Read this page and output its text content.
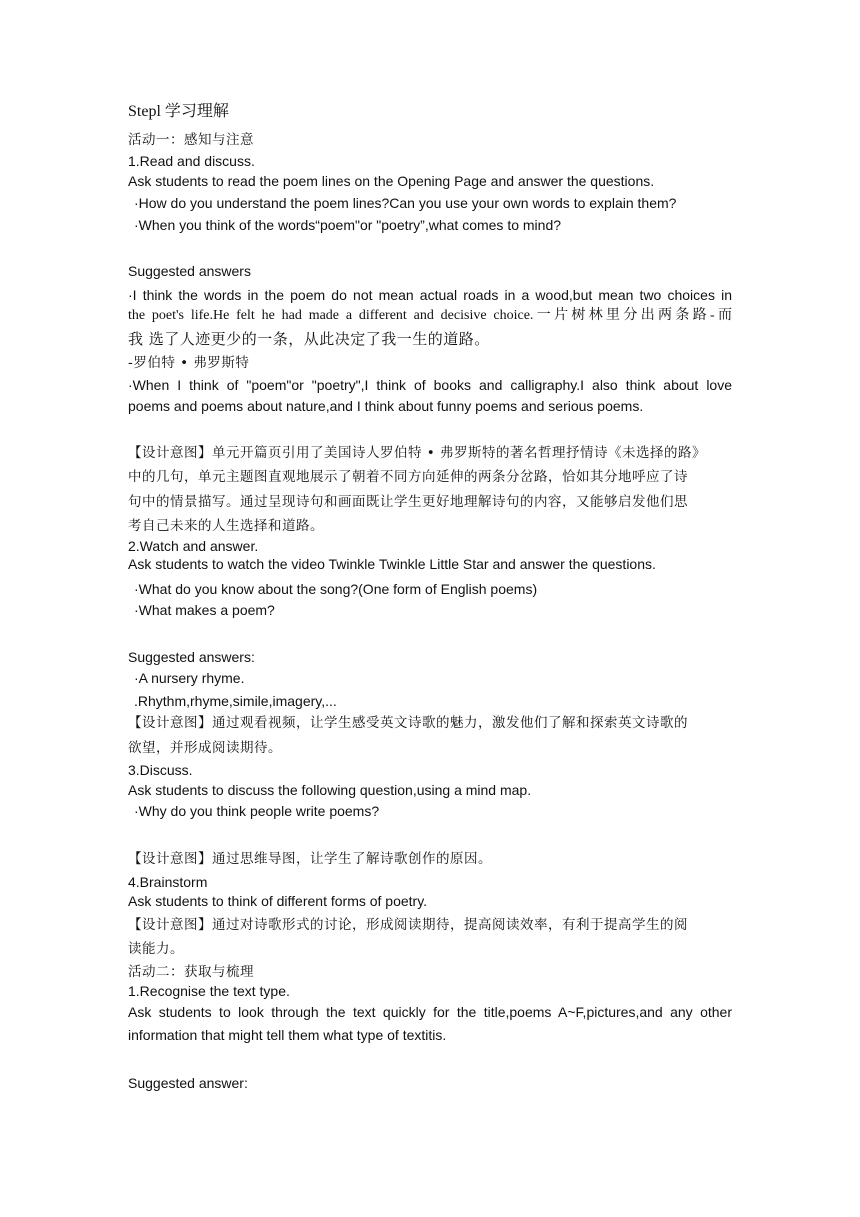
Stepl 学习理解
活动一：感知与注意
1.Read and discuss.
Ask students to read the poem lines on the Opening Page and answer the questions.
·How do you understand the poem lines?Can you use your own words to explain them?
·When you think of the words“poem"or "poetry”,what comes to mind?
Suggested answers
·I think the words in the poem do not mean actual roads in a wood,but mean two choices in
the poet's life.He felt he had made a different and decisive choice.一片树林里分出两条路-而
我 选了人迹更少的一条，从此决定了我一生的道路。
-罗伯特 • 弗罗斯特
·When I think of "poem"or "poetry",I think of books and calligraphy.I also think about love
poems and poems about nature,and I think about funny poems and serious poems.
【设计意图】单元开篇页引用了美国诗人罗伯特 • 弗罗斯特的著名哲理抒情诗《未选择的路》
中的几句，单元主题图直观地展示了朝着不同方向延伸的两条分岔路，恰如其分地呼应了诗
句中的情景描写。通过呈现诗句和画面既让学生更好地理解诗句的内容，又能够启发他们思
考自己未来的人生选择和道路。
2.Watch and answer.
Ask students to watch the video Twinkle Twinkle Little Star and answer the questions.
·What do you know about the song?(One form of English poems)
·What makes a poem?
Suggested answers:
·A nursery rhyme.
.Rhythm,rhyme,simile,imagery,...
【设计意图】通过观看视频，让学生感受英文诗歌的魅力，激发他们了解和探索英文诗歌的
欲望，并形成阅读期待。
3.Discuss.
Ask students to discuss the following question,using a mind map.
·Why do you think people write poems?
【设计意图】通过思维导图，让学生了解诗歌创作的原因。
4.Brainstorm
Ask students to think of different forms of poetry.
【设计意图】通过对诗歌形式的讨论，形成阅读期待，提高阅读效率，有利于提高学生的阅
读能力。
活动二：获取与梳理
1.Recognise the text type.
Ask students to look through the text quickly for the title,poems A~F,pictures,and any other
information that might tell them what type of textitis.
Suggested answer:
